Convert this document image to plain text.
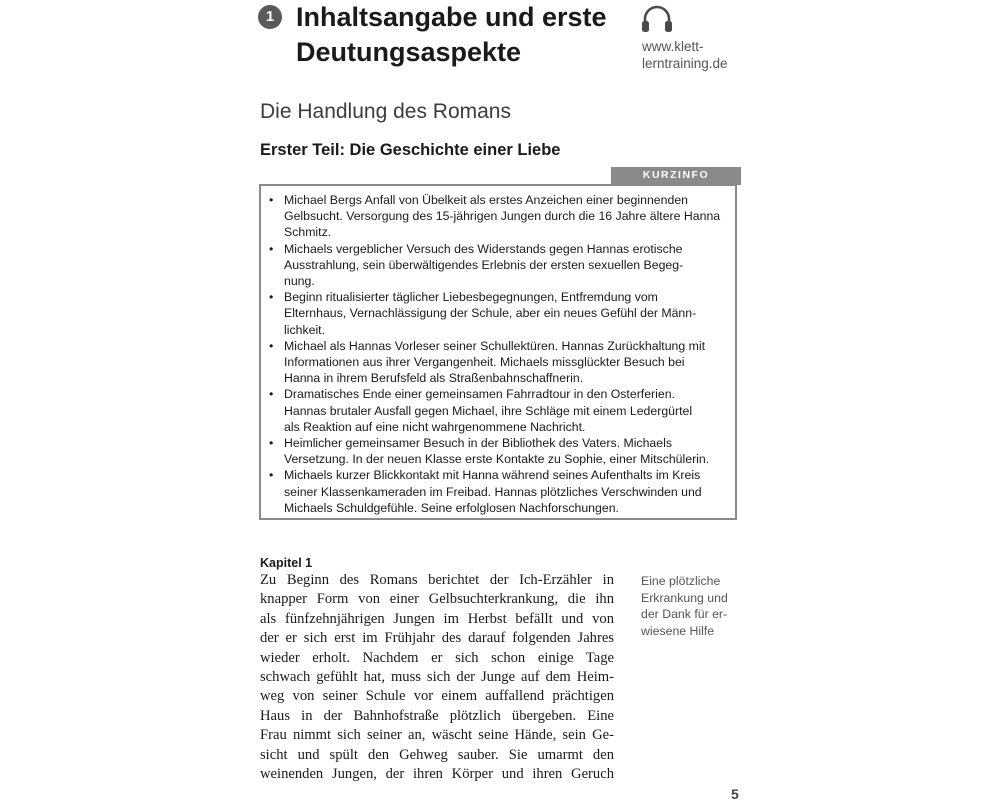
1 Inhaltsangabe und erste
Deutungsaspekte	www.klett-
lerntraining.de
Die Handlung des Romans
Erster Teil: Die Geschichte einer Liebe
KURZINFO
• Michael Bergs Anfall von Übelkeit als erstes Anzeichen einer beginnenden
Gelbsucht. Versorgung des 15-jährigen Jungen durch die 16 Jahre ältere Hanna
Schmitz.
• Michaels vergeblicher Versuch des Widerstands gegen Hannas erotische
Ausstrahlung, sein überwältigendes Erlebnis der ersten sexuellen Begeg-
nung.
• Beginn ritualisierter täglicher Liebesbegegnungen, Entfremdung vom
Elternhaus, Vernachlässigung der Schule, aber ein neues Gefühl der Männ-
lichkeit.
• Michael als Hannas Vorleser seiner Schullektüren. Hannas Zurückhaltung mit
Informationen aus ihrer Vergangenheit. Michaels missglückter Besuch bei
Hanna in ihrem Berufsfeld als Straßenbahnschaffnerin.
• Dramatisches Ende einer gemeinsamen Fahrradtour in den Osterferien.
Hannas brutaler Ausfall gegen Michael, ihre Schläge mit einem Ledergürtel
als Reaktion auf eine nicht wahrgenommene Nachricht.
• Heimlicher gemeinsamer Besuch in der Bibliothek des Vaters. Michaels
Versetzung. In der neuen Klasse erste Kontakte zu Sophie, einer Mitschülerin.
• Michaels kurzer Blickkontakt mit Hanna während seines Aufenthalts im Kreis
seiner Klassenkameraden im Freibad. Hannas plötzliches Verschwinden und
Michaels Schuldgefühle. Seine erfolglosen Nachforschungen.
Kapitel 1
Zu Beginn des Romans berichtet der Ich-Erzähler in
knapper Form von einer Gelbsuchterkrankung, die ihn
als fünfzehnjährigen Jungen im Herbst befällt und von
der er sich erst im Frühjahr des darauf folgenden Jahres
wieder erholt. Nachdem er sich schon einige Tage
schwach gefühlt hat, muss sich der Junge auf dem Heim-
weg von seiner Schule vor einem auffallend prächtigen
Haus in der Bahnhofstraße plötzlich übergeben. Eine
Frau nimmt sich seiner an, wäscht seine Hände, sein Ge-
sicht und spült den Gehweg sauber. Sie umarmt den
weinenden Jungen, der ihren Körper und ihren Geruch
Eine plötzliche
Erkrankung und
der Dank für er-
wiesene Hilfe
5
